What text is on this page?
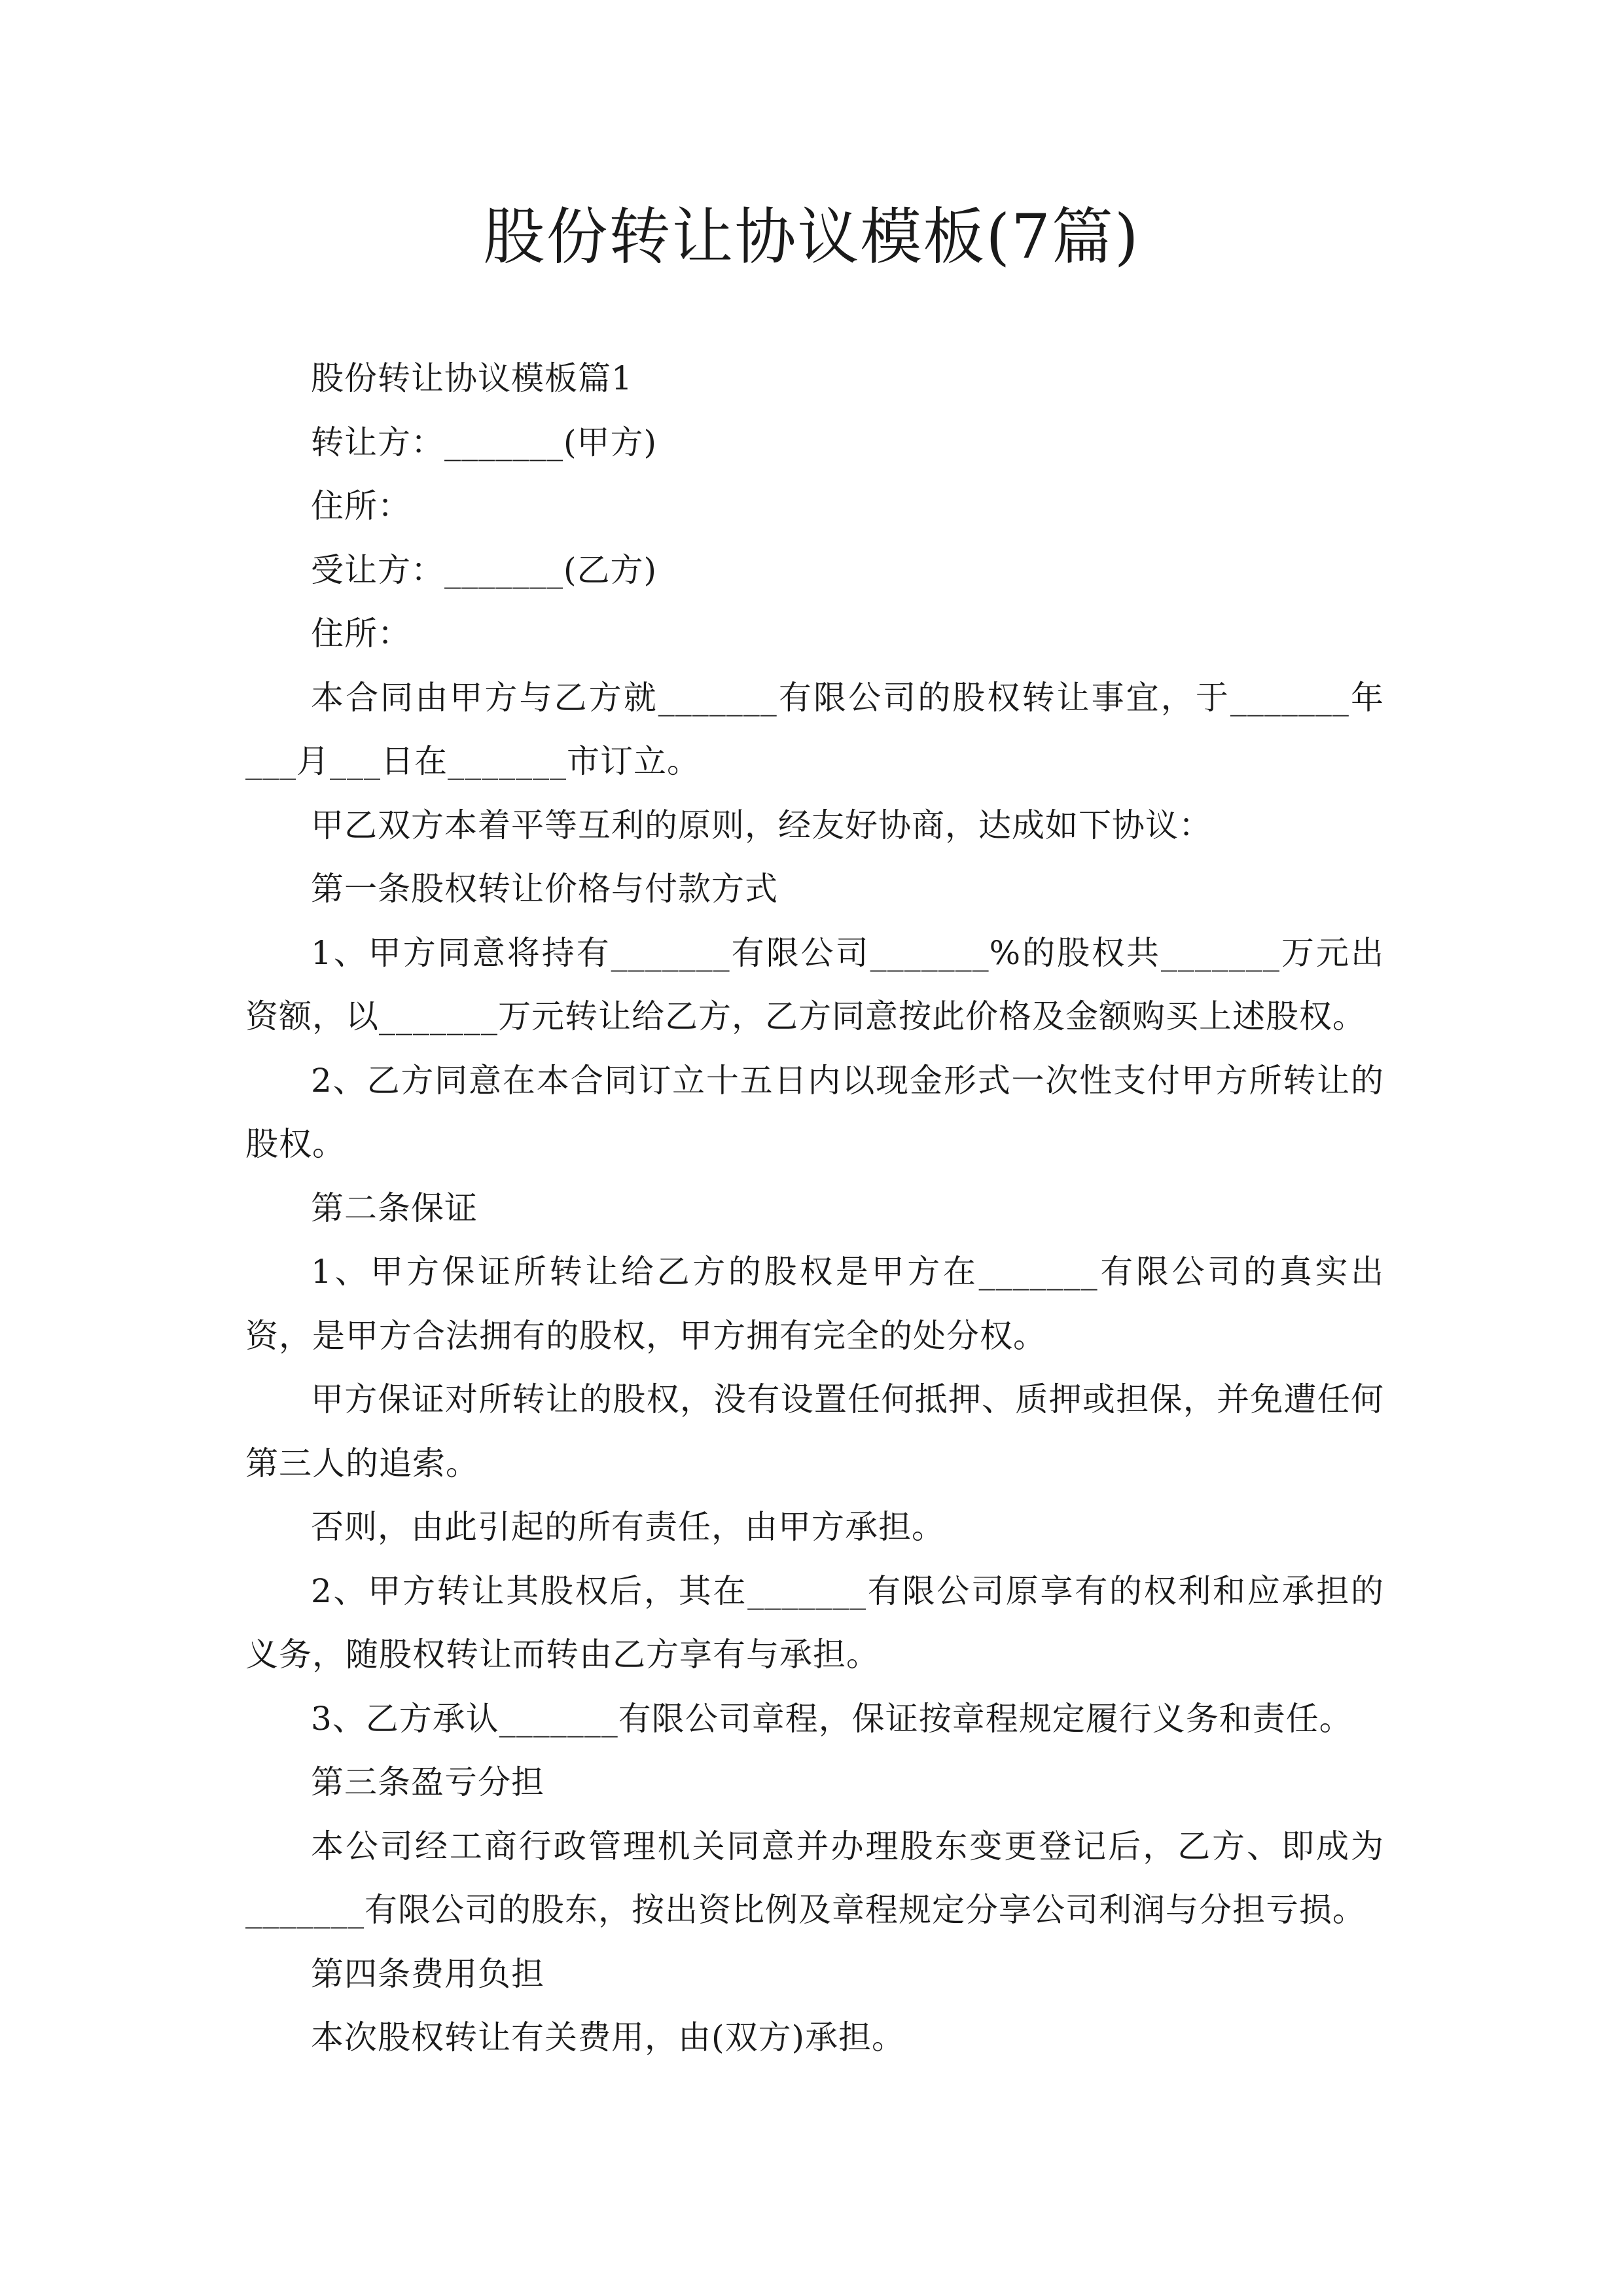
股份转让协议模板(7篇)

股份转让协议模板篇1

转让方：_______(甲方)

住所：

受让方：_______(乙方)

住所：

本合同由甲方与乙方就_______有限公司的股权转让事宜，于_______年___月___日在_______市订立。

甲乙双方本着平等互利的原则，经友好协商，达成如下协议：

第一条股权转让价格与付款方式

1、甲方同意将持有_______有限公司_______%的股权共_______万元出资额，以_______万元转让给乙方，乙方同意按此价格及金额购买上述股权。

2、乙方同意在本合同订立十五日内以现金形式一次性支付甲方所转让的股权。

第二条保证

1、甲方保证所转让给乙方的股权是甲方在_______有限公司的真实出资，是甲方合法拥有的股权，甲方拥有完全的处分权。

甲方保证对所转让的股权，没有设置任何抵押、质押或担保，并免遭任何第三人的追索。

否则，由此引起的所有责任，由甲方承担。

2、甲方转让其股权后，其在_______有限公司原享有的权利和应承担的义务，随股权转让而转由乙方享有与承担。

3、乙方承认_______有限公司章程，保证按章程规定履行义务和责任。

第三条盈亏分担

本公司经工商行政管理机关同意并办理股东变更登记后，乙方、即成为_______有限公司的股东，按出资比例及章程规定分享公司利润与分担亏损。

第四条费用负担

本次股权转让有关费用，由(双方)承担。
